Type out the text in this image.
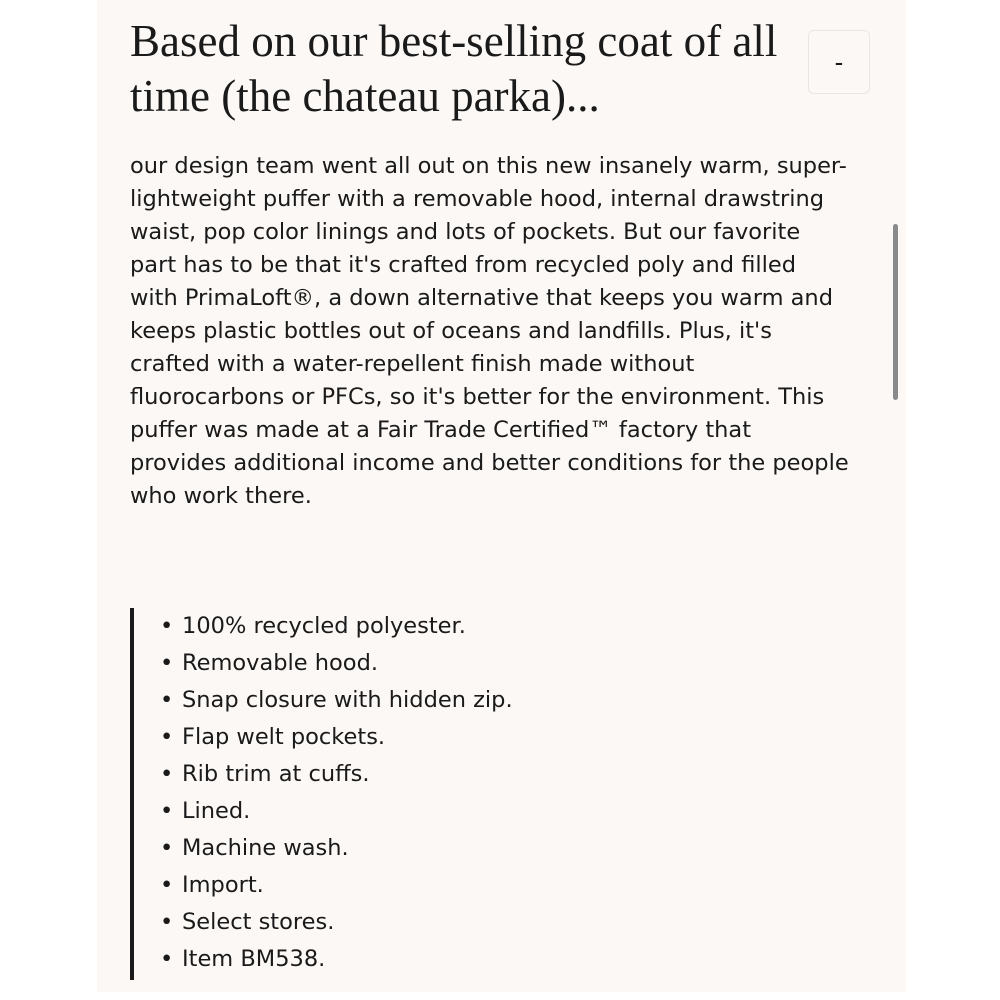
Based on our best-selling coat of all time (the chateau parka)...
-

our design team went all out on this new insanely warm, super-lightweight puffer with a removable hood, internal drawstring waist, pop color linings and lots of pockets. But our favorite part has to be that it's crafted from recycled poly and filled with PrimaLoft®, a down alternative that keeps you warm and keeps plastic bottles out of oceans and landfills. Plus, it's crafted with a water-repellent finish made without fluorocarbons or PFCs, so it's better for the environment. This puffer was made at a Fair Trade Certified™ factory that provides additional income and better conditions for the people who work there.

• 100% recycled polyester.
• Removable hood.
• Snap closure with hidden zip.
• Flap welt pockets.
• Rib trim at cuffs.
• Lined.
• Machine wash.
• Import.
• Select stores.
• Item BM538.
